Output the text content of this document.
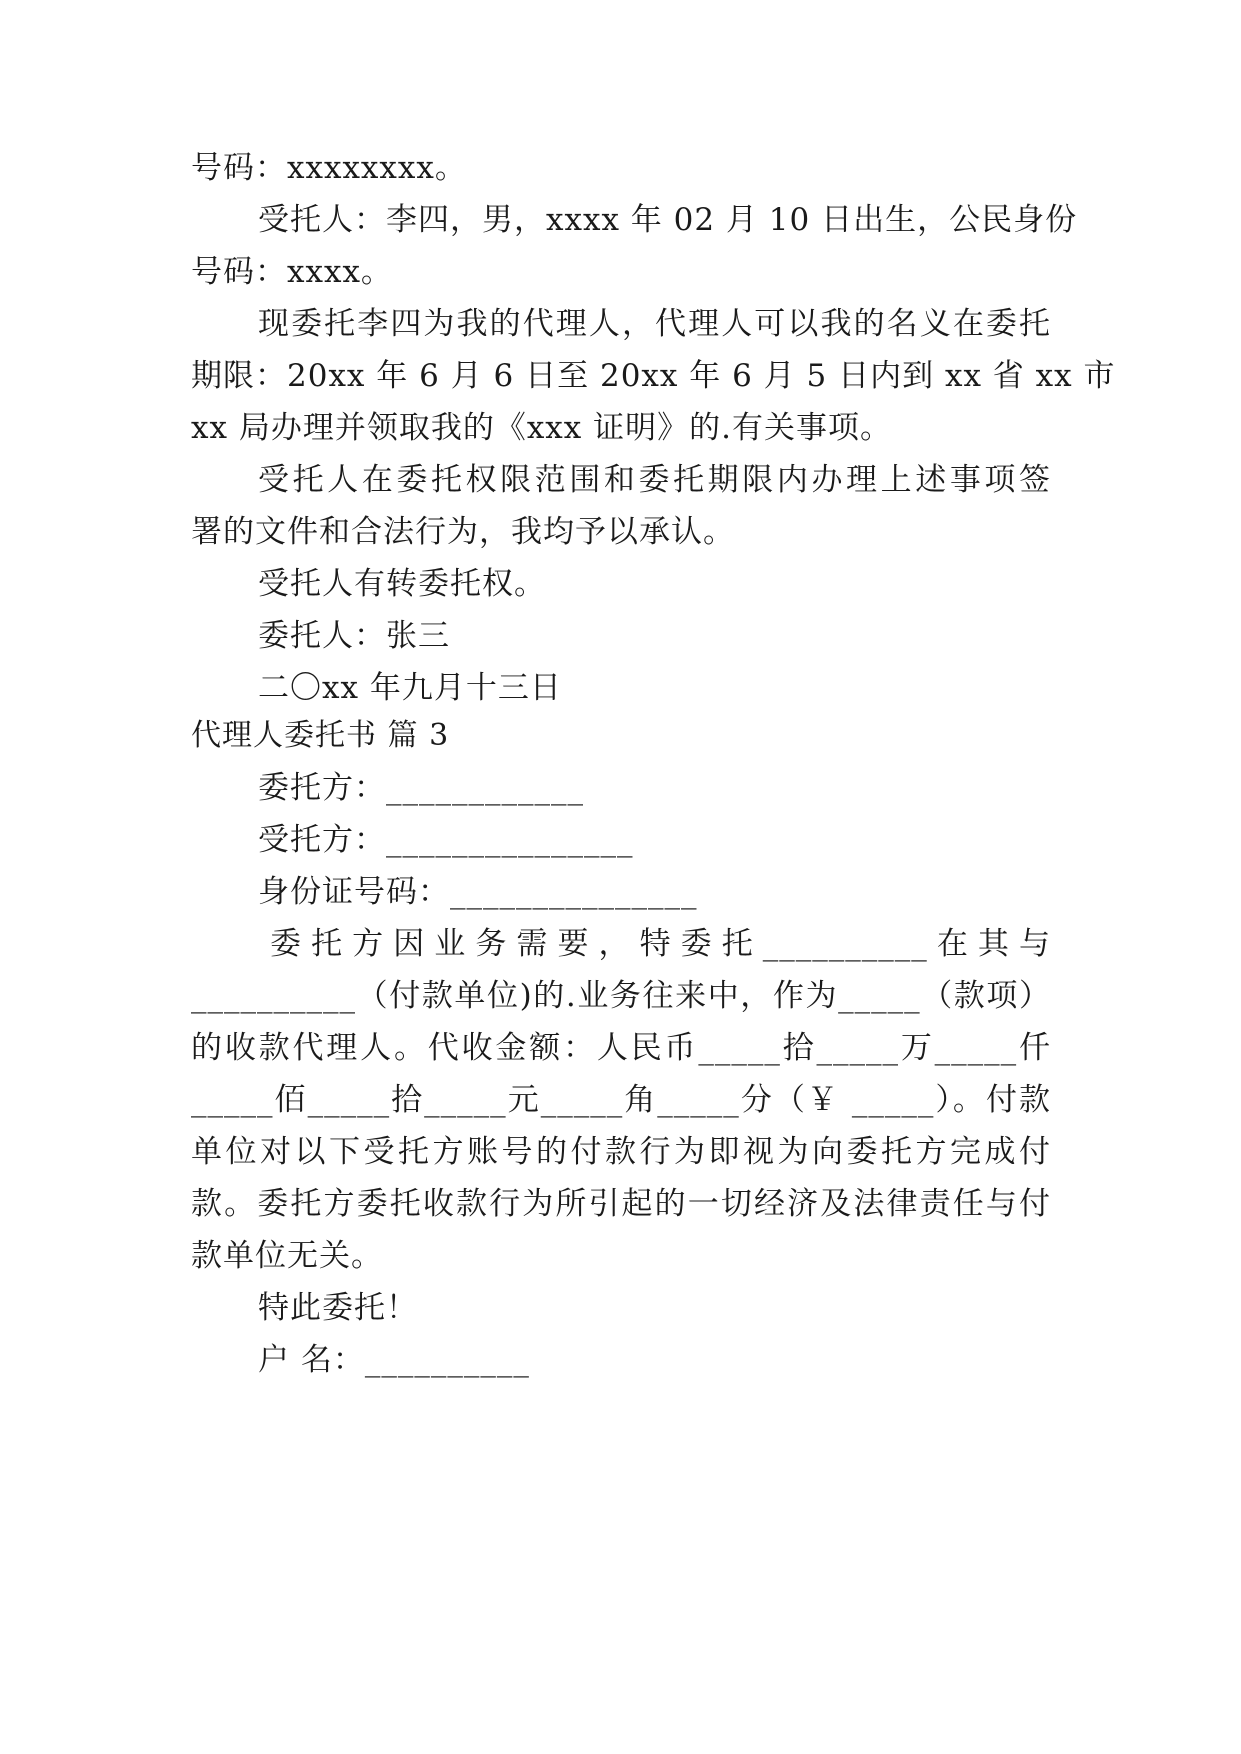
号码：xxxxxxxx。
受托人：李四，男，xxxx 年 02 月 10 日出生，公民身份
号码：xxxx。
现委托李四为我的代理人，代理人可以我的名义在委托
期限：20xx 年 6 月 6 日至 20xx 年 6 月 5 日内到 xx 省 xx 市
xx 局办理并领取我的《xxx 证明》的.有关事项。
受托人在委托权限范围和委托期限内办理上述事项签
署的文件和合法行为，我均予以承认。
受托人有转委托权。
委托人：张三
二〇xx 年九月十三日
代理人委托书 篇 3
委托方：____________
受托方：_______________
身份证号码：_______________
委托方因业务需要，特委托__________在其与
__________（付款单位)的.业务往来中，作为_____（款项）
的收款代理人。代收金额：人民币_____拾_____万_____仟
_____佰_____拾_____元_____角_____分（￥ _____）。付款
单位对以下受托方账号的付款行为即视为向委托方完成付
款。委托方委托收款行为所引起的一切经济及法律责任与付
款单位无关。
特此委托！
户 名：__________
